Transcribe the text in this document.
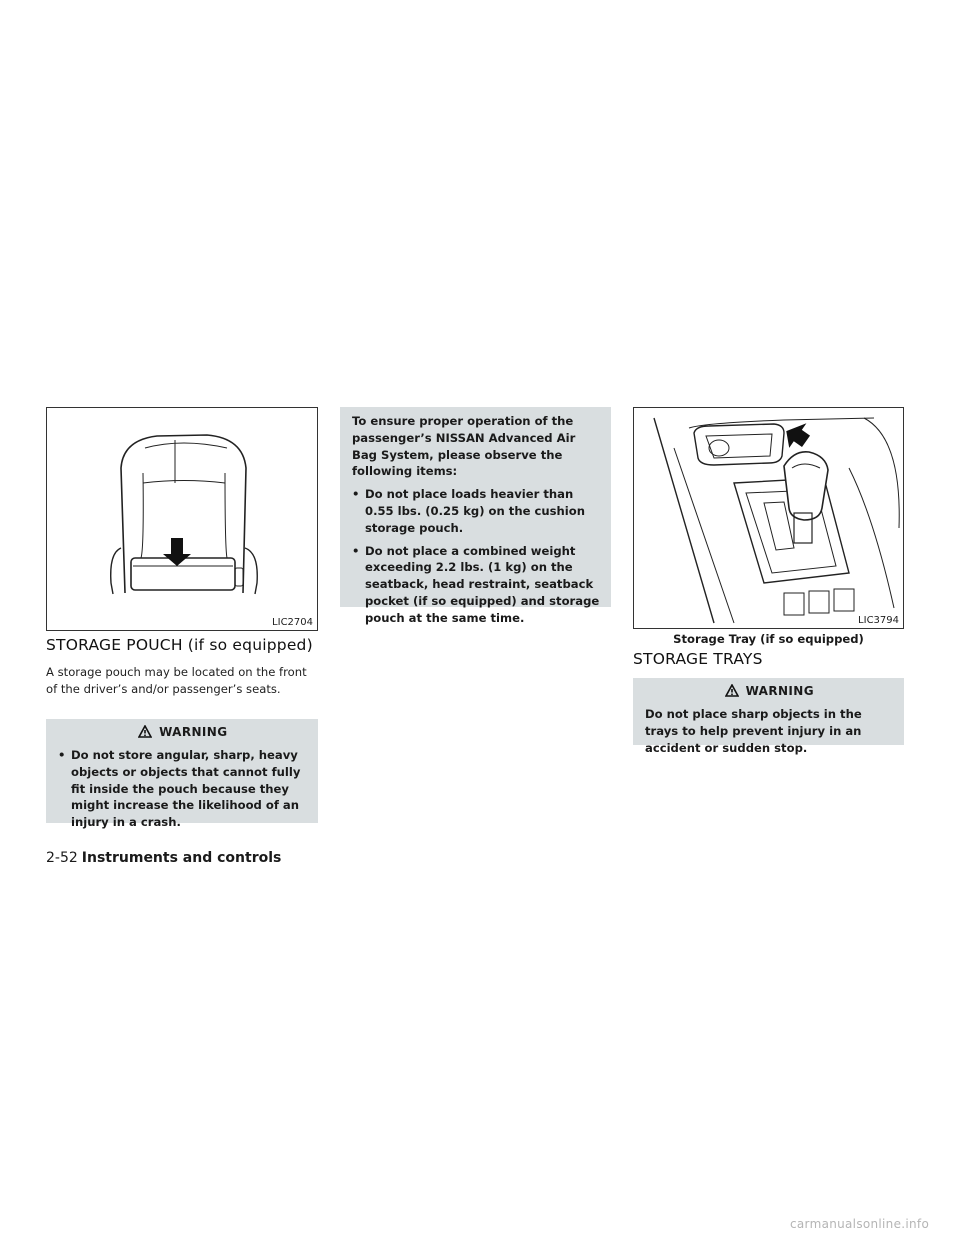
LIC2704
STORAGE POUCH (if so equipped)
A storage pouch may be located on the front of the driver’s and/or passenger’s seats.
WARNING
• Do not store angular, sharp, heavy objects or objects that cannot fully fit inside the pouch because they might increase the likelihood of an injury in a crash.

To ensure proper operation of the passenger’s NISSAN Advanced Air Bag System, please observe the following items:

• Do not place loads heavier than 0.55 lbs. (0.25 kg) on the cushion storage pouch.
• Do not place a combined weight exceeding 2.2 lbs. (1 kg) on the seatback, head restraint, seatback pocket (if so equipped) and storage pouch at the same time.	LIC3794
Storage Tray (if so equipped)
STORAGE TRAYS
WARNING
Do not place sharp objects in the trays to help prevent injury in an accident or sudden stop.
2-52 Instruments and controls
carmanualsonline.info
